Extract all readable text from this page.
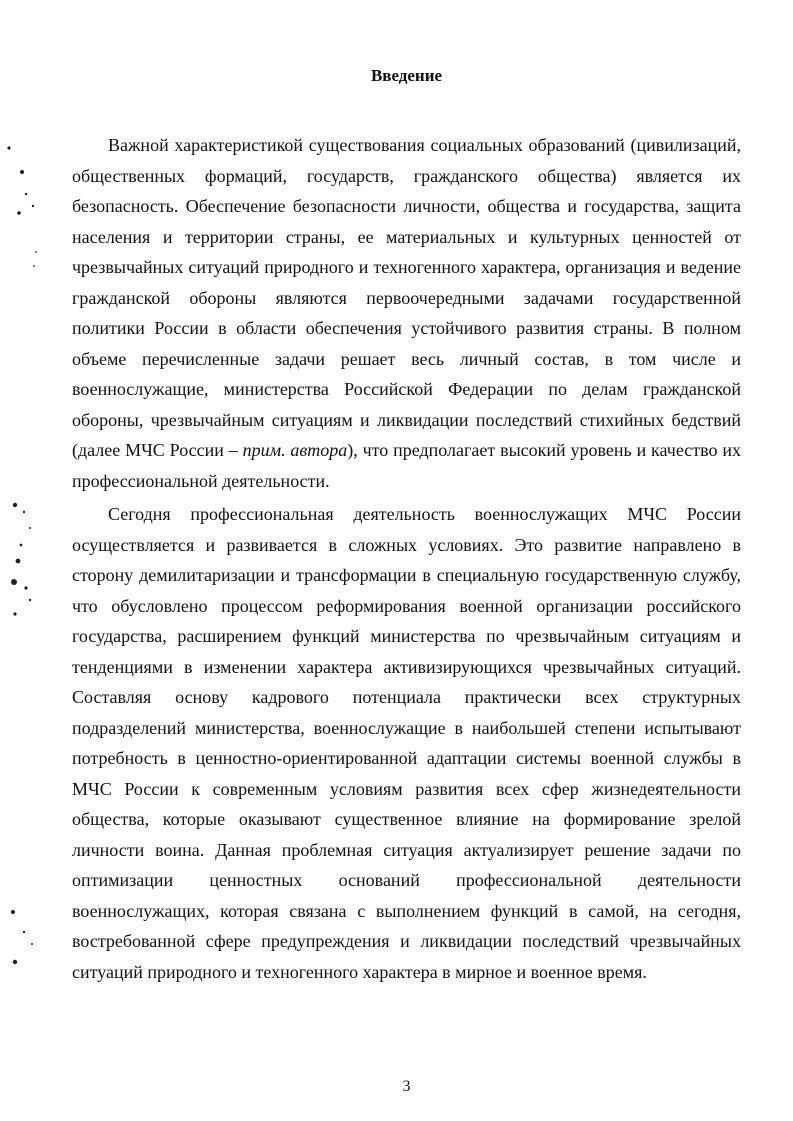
Введение

Важной характеристикой существования социальных образований (цивилизаций, общественных формаций, государств, гражданского общества) является их безопасность. Обеспечение безопасности личности, общества и государства, защита населения и территории страны, ее материальных и культурных ценностей от чрезвычайных ситуаций природного и техногенного характера, организация и ведение гражданской обороны являются первоочередными задачами государственной политики России в области обеспечения устойчивого развития страны. В полном объеме перечисленные задачи решает весь личный состав, в том числе и военнослужащие, министерства Российской Федерации по делам гражданской обороны, чрезвычайным ситуациям и ликвидации последствий стихийных бедствий (далее МЧС России – прим. автора), что предполагает высокий уровень и качество их профессиональной деятельности.

Сегодня профессиональная деятельность военнослужащих МЧС России осуществляется и развивается в сложных условиях. Это развитие направлено в сторону демилитаризации и трансформации в специальную государственную службу, что обусловлено процессом реформирования военной организации российского государства, расширением функций министерства по чрезвычайным ситуациям и тенденциями в изменении характера активизирующихся чрезвычайных ситуаций. Составляя основу кадрового потенциала практически всех структурных подразделений министерства, военнослужащие в наибольшей степени испытывают потребность в ценностно-ориентированной адаптации системы военной службы в МЧС России к современным условиям развития всех сфер жизнедеятельности общества, которые оказывают существенное влияние на формирование зрелой личности воина. Данная проблемная ситуация актуализирует решение задачи по оптимизации ценностных оснований профессиональной деятельности военнослужащих, которая связана с выполнением функций в самой, на сегодня, востребованной сфере предупреждения и ликвидации последствий чрезвычайных ситуаций природного и техногенного характера в мирное и военное время.

3
